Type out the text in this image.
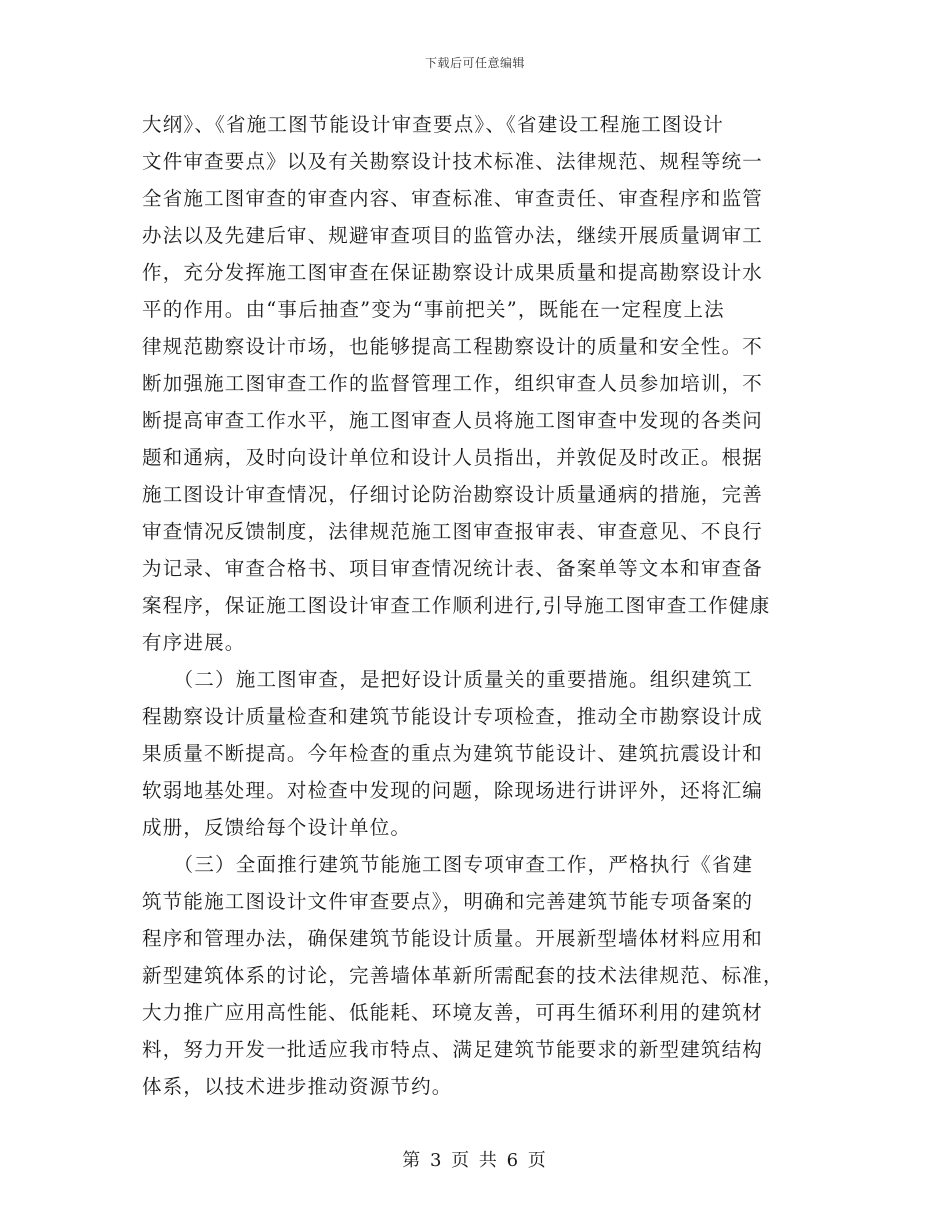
下载后可任意编辑
大纲》、《省施工图节能设计审查要点》、《省建设工程施工图设计
文件审查要点》以及有关勘察设计技术标准、法律规范、规程等统一
全省施工图审查的审查内容、审查标准、审查责任、审查程序和监管
办法以及先建后审、规避审查项目的监管办法，继续开展质量调审工
作，充分发挥施工图审查在保证勘察设计成果质量和提高勘察设计水
平的作用。由“事后抽查”变为“事前把关”，既能在一定程度上法
律规范勘察设计市场，也能够提高工程勘察设计的质量和安全性。不
断加强施工图审查工作的监督管理工作，组织审查人员参加培训，不
断提高审查工作水平，施工图审查人员将施工图审查中发现的各类问
题和通病，及时向设计单位和设计人员指出，并敦促及时改正。根据
施工图设计审查情况，仔细讨论防治勘察设计质量通病的措施，完善
审查情况反馈制度，法律规范施工图审查报审表、审查意见、不良行
为记录、审查合格书、项目审查情况统计表、备案单等文本和审查备
案程序，保证施工图设计审查工作顺利进行,引导施工图审查工作健康
有序进展。
　　（二）施工图审查，是把好设计质量关的重要措施。组织建筑工
程勘察设计质量检查和建筑节能设计专项检查，推动全市勘察设计成
果质量不断提高。今年检查的重点为建筑节能设计、建筑抗震设计和
软弱地基处理。对检查中发现的问题，除现场进行讲评外，还将汇编
成册，反馈给每个设计单位。
　　（三）全面推行建筑节能施工图专项审查工作，严格执行《省建
筑节能施工图设计文件审查要点》，明确和完善建筑节能专项备案的
程序和管理办法，确保建筑节能设计质量。开展新型墙体材料应用和
新型建筑体系的讨论，完善墙体革新所需配套的技术法律规范、标准，
大力推广应用高性能、低能耗、环境友善，可再生循环利用的建筑材
料，努力开发一批适应我市特点、满足建筑节能要求的新型建筑结构
体系，以技术进步推动资源节约。
第 3 页 共 6 页
